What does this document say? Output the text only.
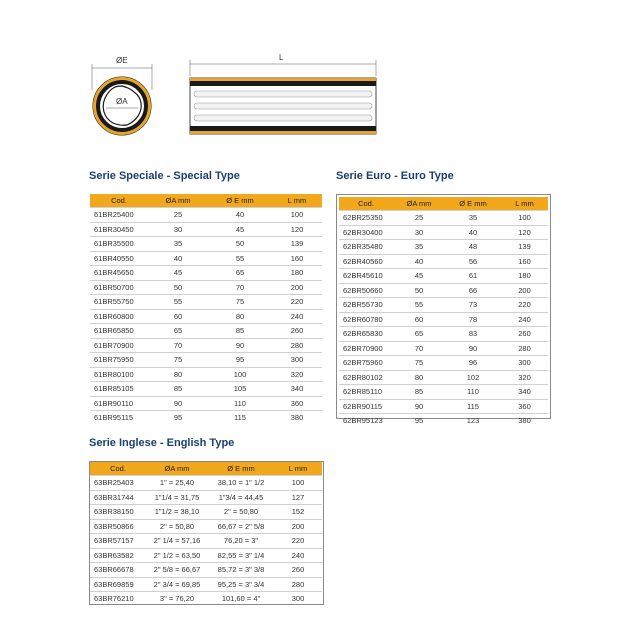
ØE
ØA
L
Serie Speciale - Special Type
Cod.	ØA mm	Ø E mm	L mm
61BR25400	25	40	100
61BR30450	30	45	120
61BR35500	35	50	139
61BR40550	40	55	160
61BR45650	45	65	180
61BR50700	50	70	200
61BR55750	55	75	220
61BR60800	60	80	240
61BR65850	65	85	260
61BR70900	70	90	280
61BR75950	75	95	300
61BR80100	80	100	320
61BR85105	85	105	340
61BR90110	90	110	360
61BR95115	95	115	380
Serie Euro - Euro Type
Cod.	ØA mm	Ø E mm	L mm
62BR25350	25	35	100
62BR30400	30	40	120
62BR35480	35	48	139
62BR40560	40	56	160
62BR45610	45	61	180
62BR50660	50	66	200
62BR55730	55	73	220
62BR60780	60	78	240
62BR65830	65	83	260
62BR70900	70	90	280
62BR75960	75	96	300
62BR80102	80	102	320
62BR85110	85	110	340
62BR90115	90	115	360
62BR95123	95	123	380
Serie Inglese - English Type
Cod.	ØA mm	Ø E mm	L mm
63BR25403	1" = 25,40	38,10 = 1" 1/2	100
63BR31744	1"1/4 = 31,75	1"3/4 = 44,45	127
63BR38150	1"1/2 = 38,10	2" = 50,80	152
63BR50866	2" = 50,80	66,67 = 2" 5/8	200
63BR57157	2" 1/4 = 57,16	76,20 = 3"	220
63BR63582	2" 1/2 = 63,50	82,55 = 3" 1/4	240
63BR66678	2" 5/8 = 66,67	85,72 = 3" 3/8	260
63BR69859	2" 3/4 = 69,85	95,25 = 3" 3/4	280
63BR76210	3" = 76,20	101,60 = 4"	300
